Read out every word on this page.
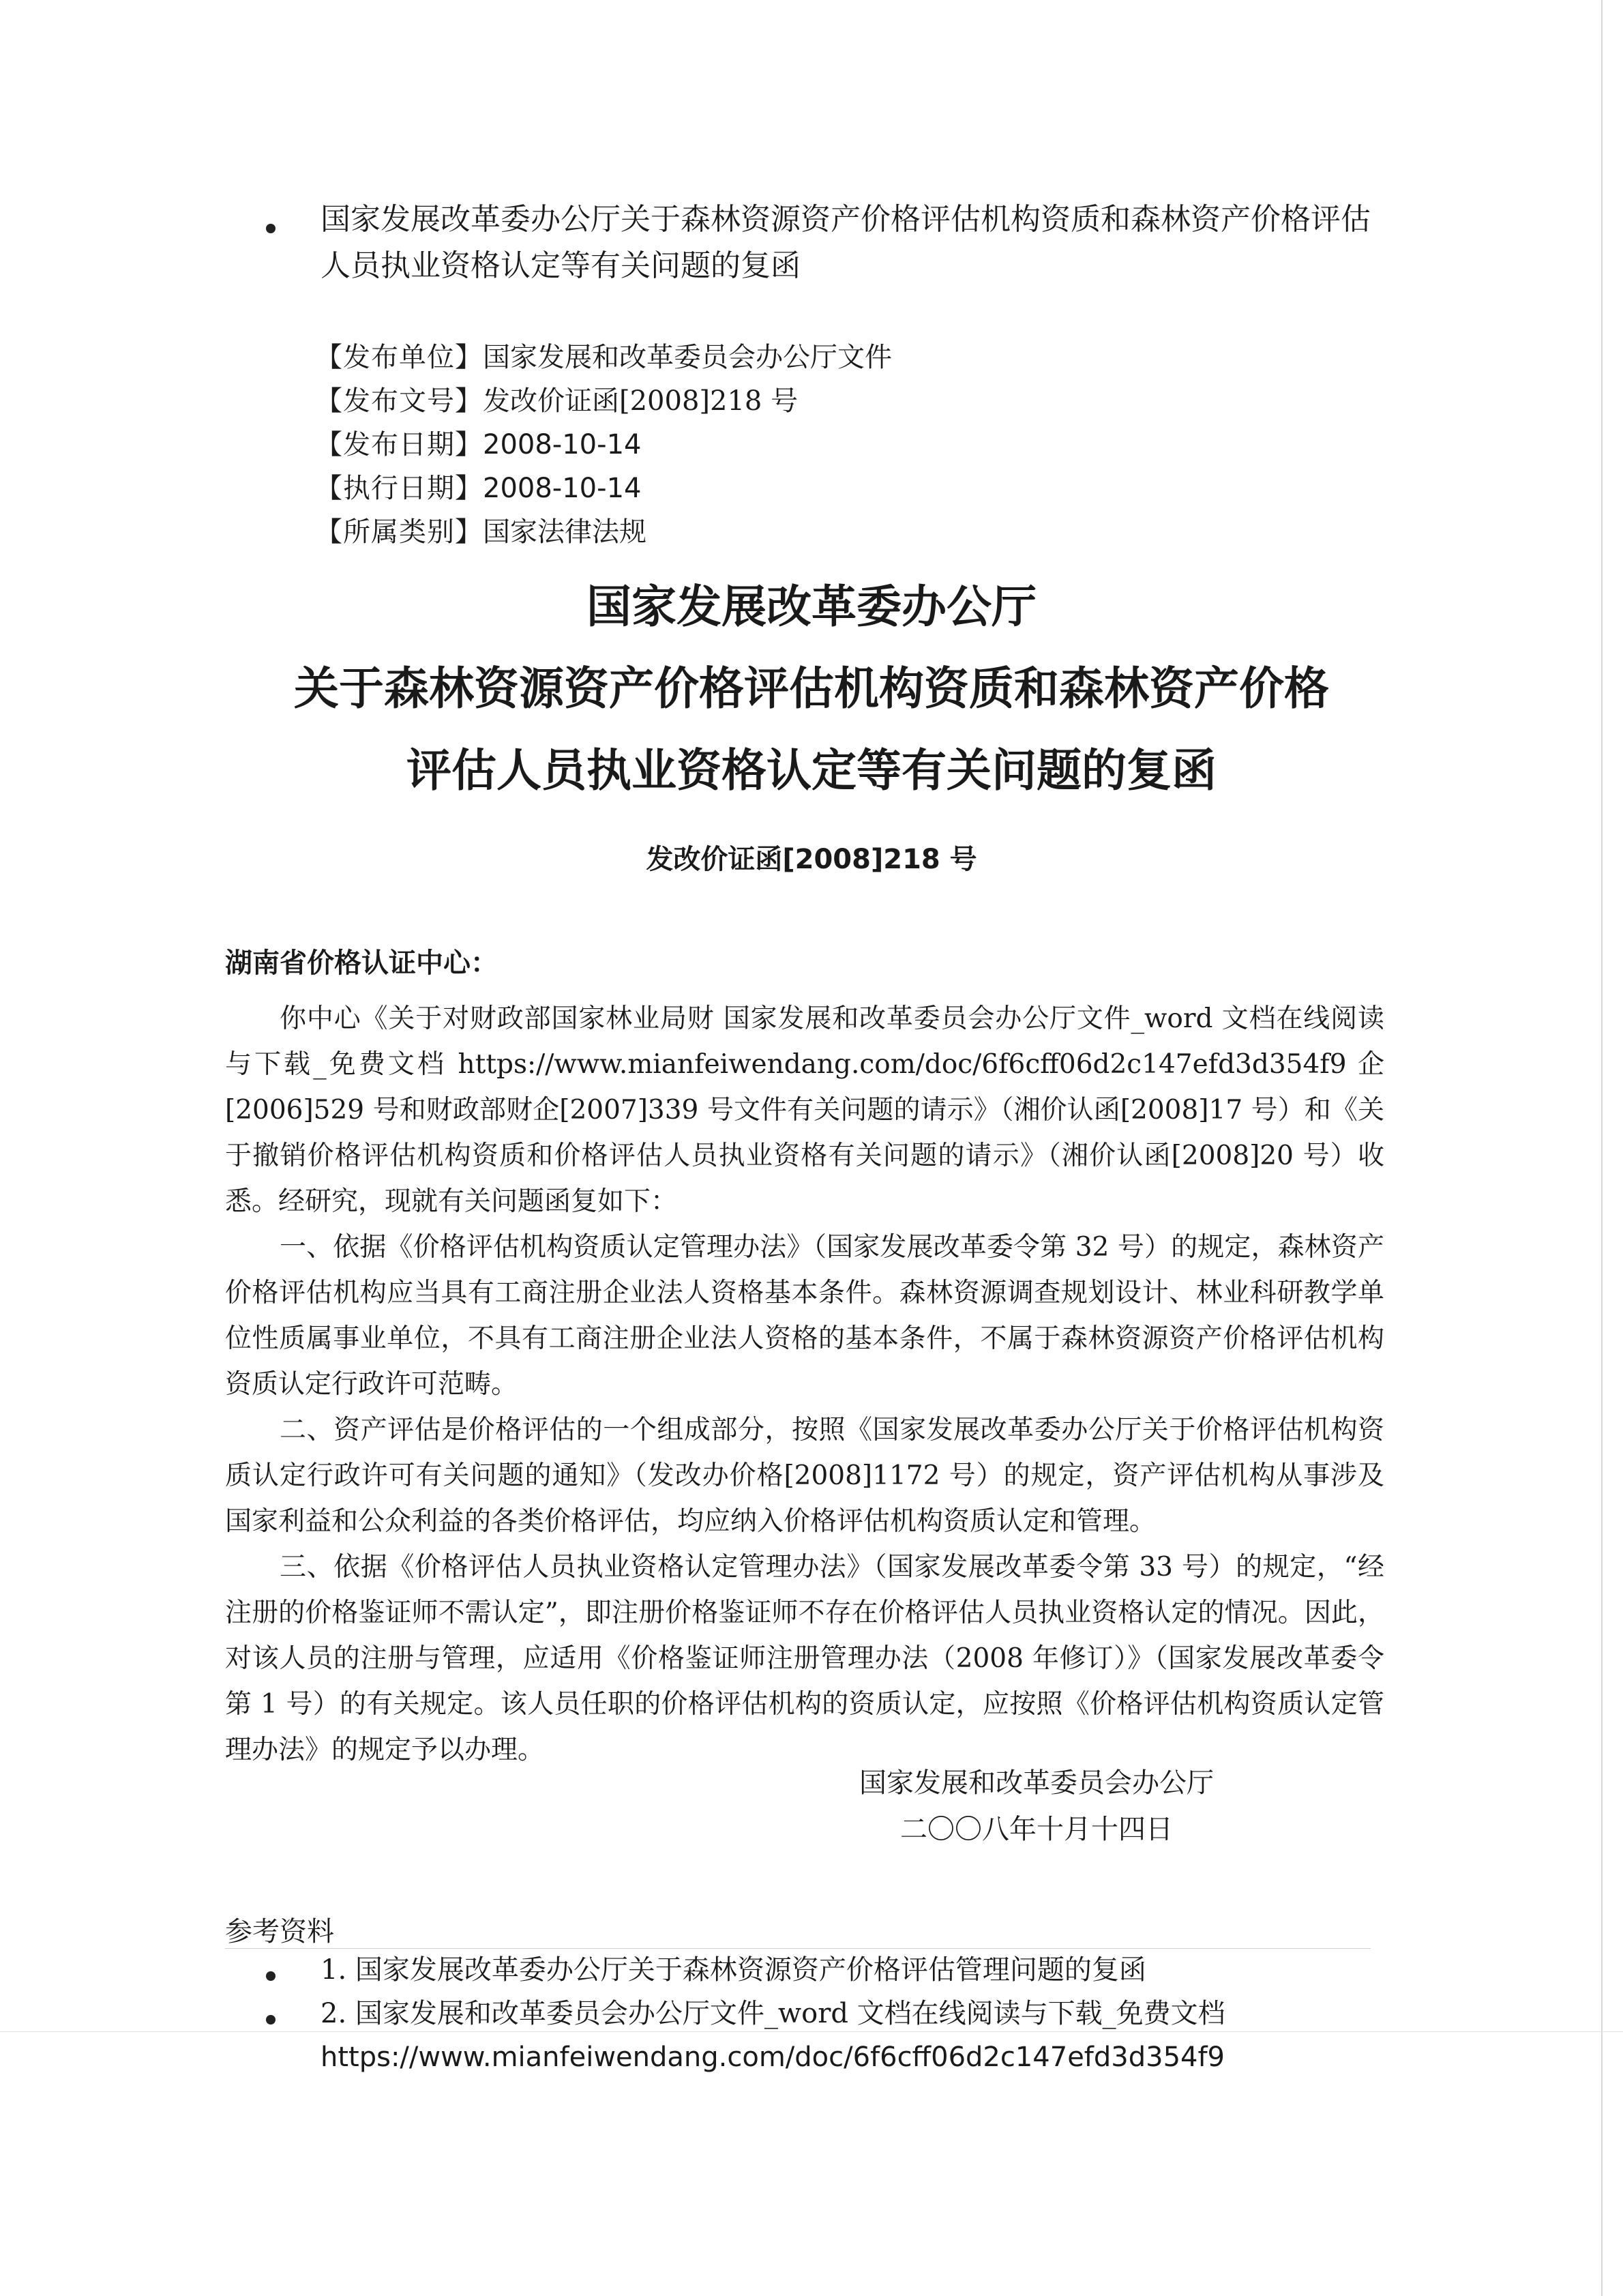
国家发展改革委办公厅关于森林资源资产价格评估机构资质和森林资产价格评估人员执业资格认定等有关问题的复函
【发布单位】国家发展和改革委员会办公厅文件
【发布文号】发改价证函[2008]218 号
【发布日期】2008-10-14
【执行日期】2008-10-14
【所属类别】国家法律法规
国家发展改革委办公厅
关于森林资源资产价格评估机构资质和森林资产价格
评估人员执业资格认定等有关问题的复函
发改价证函[2008]218 号
湖南省价格认证中心：

你中心《关于对财政部国家林业局财 国家发展和改革委员会办公厅文件_word 文档在线阅读与下载_免费文档 https://www.mianfeiwendang.com/doc/6f6cff06d2c147efd3d354f9 企[2006]529 号和财政部财企[2007]339 号文件有关问题的请示》（湘价认函[2008]17 号）和《关于撤销价格评估机构资质和价格评估人员执业资格有关问题的请示》（湘价认函[2008]20 号）收悉。经研究，现就有关问题函复如下：

一、依据《价格评估机构资质认定管理办法》（国家发展改革委令第 32 号）的规定，森林资产价格评估机构应当具有工商注册企业法人资格基本条件。森林资源调查规划设计、林业科研教学单位性质属事业单位，不具有工商注册企业法人资格的基本条件，不属于森林资源资产价格评估机构资质认定行政许可范畴。

二、资产评估是价格评估的一个组成部分，按照《国家发展改革委办公厅关于价格评估机构资质认定行政许可有关问题的通知》（发改办价格[2008]1172 号）的规定，资产评估机构从事涉及国家利益和公众利益的各类价格评估，均应纳入价格评估机构资质认定和管理。

三、依据《价格评估人员执业资格认定管理办法》（国家发展改革委令第 33 号）的规定，“经注册的价格鉴证师不需认定”，即注册价格鉴证师不存在价格评估人员执业资格认定的情况。因此，对该人员的注册与管理，应适用《价格鉴证师注册管理办法（2008 年修订）》（国家发展改革委令第 1 号）的有关规定。该人员任职的价格评估机构的资质认定，应按照《价格评估机构资质认定管理办法》的规定予以办理。

国家发展和改革委员会办公厅
二〇〇八年十月十四日
参考资料
1. 国家发展改革委办公厅关于森林资源资产价格评估管理问题的复函
2. 国家发展和改革委员会办公厅文件_word 文档在线阅读与下载_免费文档
https://www.mianfeiwendang.com/doc/6f6cff06d2c147efd3d354f9
